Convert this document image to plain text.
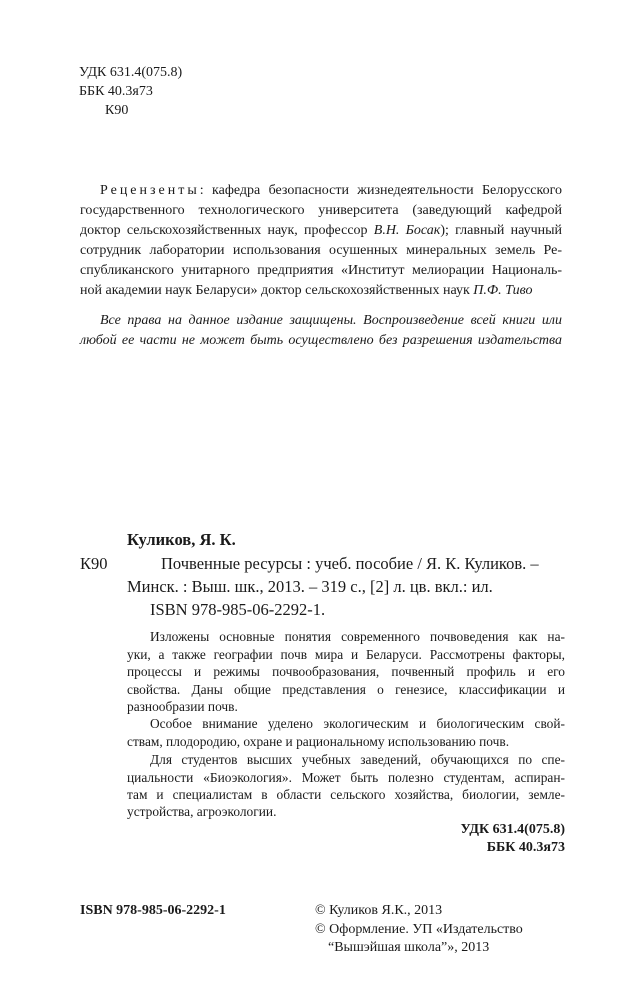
УДК 631.4(075.8)
ББК 40.3я73
К90
Рецензенты: кафедра безопасности жизнедеятельности Белорусского
государственного технологического университета (заведующий кафедрой
доктор сельскохозяйственных наук, профессор В.Н. Босак); главный научный
сотрудник лаборатории использования осушенных минеральных земель Ре-
спубликанского унитарного предприятия «Институт мелиорации Националь-
ной академии наук Беларуси» доктор сельскохозяйственных наук П.Ф. Тиво
Все права на данное издание защищены. Воспроизведение всей книги или
любой ее части не может быть осуществлено без разрешения издательства
Куликов, Я. К.
К90	Почвенные ресурсы : учеб. пособие / Я. К. Куликов. –
Минск. : Выш. шк., 2013. – 319 с., [2] л. цв. вкл.: ил.
ISBN 978-985-06-2292-1.
Изложены основные понятия современного почвоведения как на-
уки, а также географии почв мира и Беларуси. Рассмотрены факторы,
процессы и режимы почвообразования, почвенный профиль и его
свойства. Даны общие представления о генезисе, классификации и
разнообразии почв.
Особое внимание уделено экологическим и биологическим свой-
ствам, плодородию, охране и рациональному использованию почв.
Для студентов высших учебных заведений, обучающихся по спе-
циальности «Биоэкология». Может быть полезно студентам, аспиран-
там и специалистам в области сельского хозяйства, биологии, земле-
устройства, агроэкологии.
УДК 631.4(075.8)
ББК 40.3я73
ISBN 978-985-06-2292-1	© Куликов Я.К., 2013
© Оформление. УП «Издательство
“Вышэйшая школа”», 2013
